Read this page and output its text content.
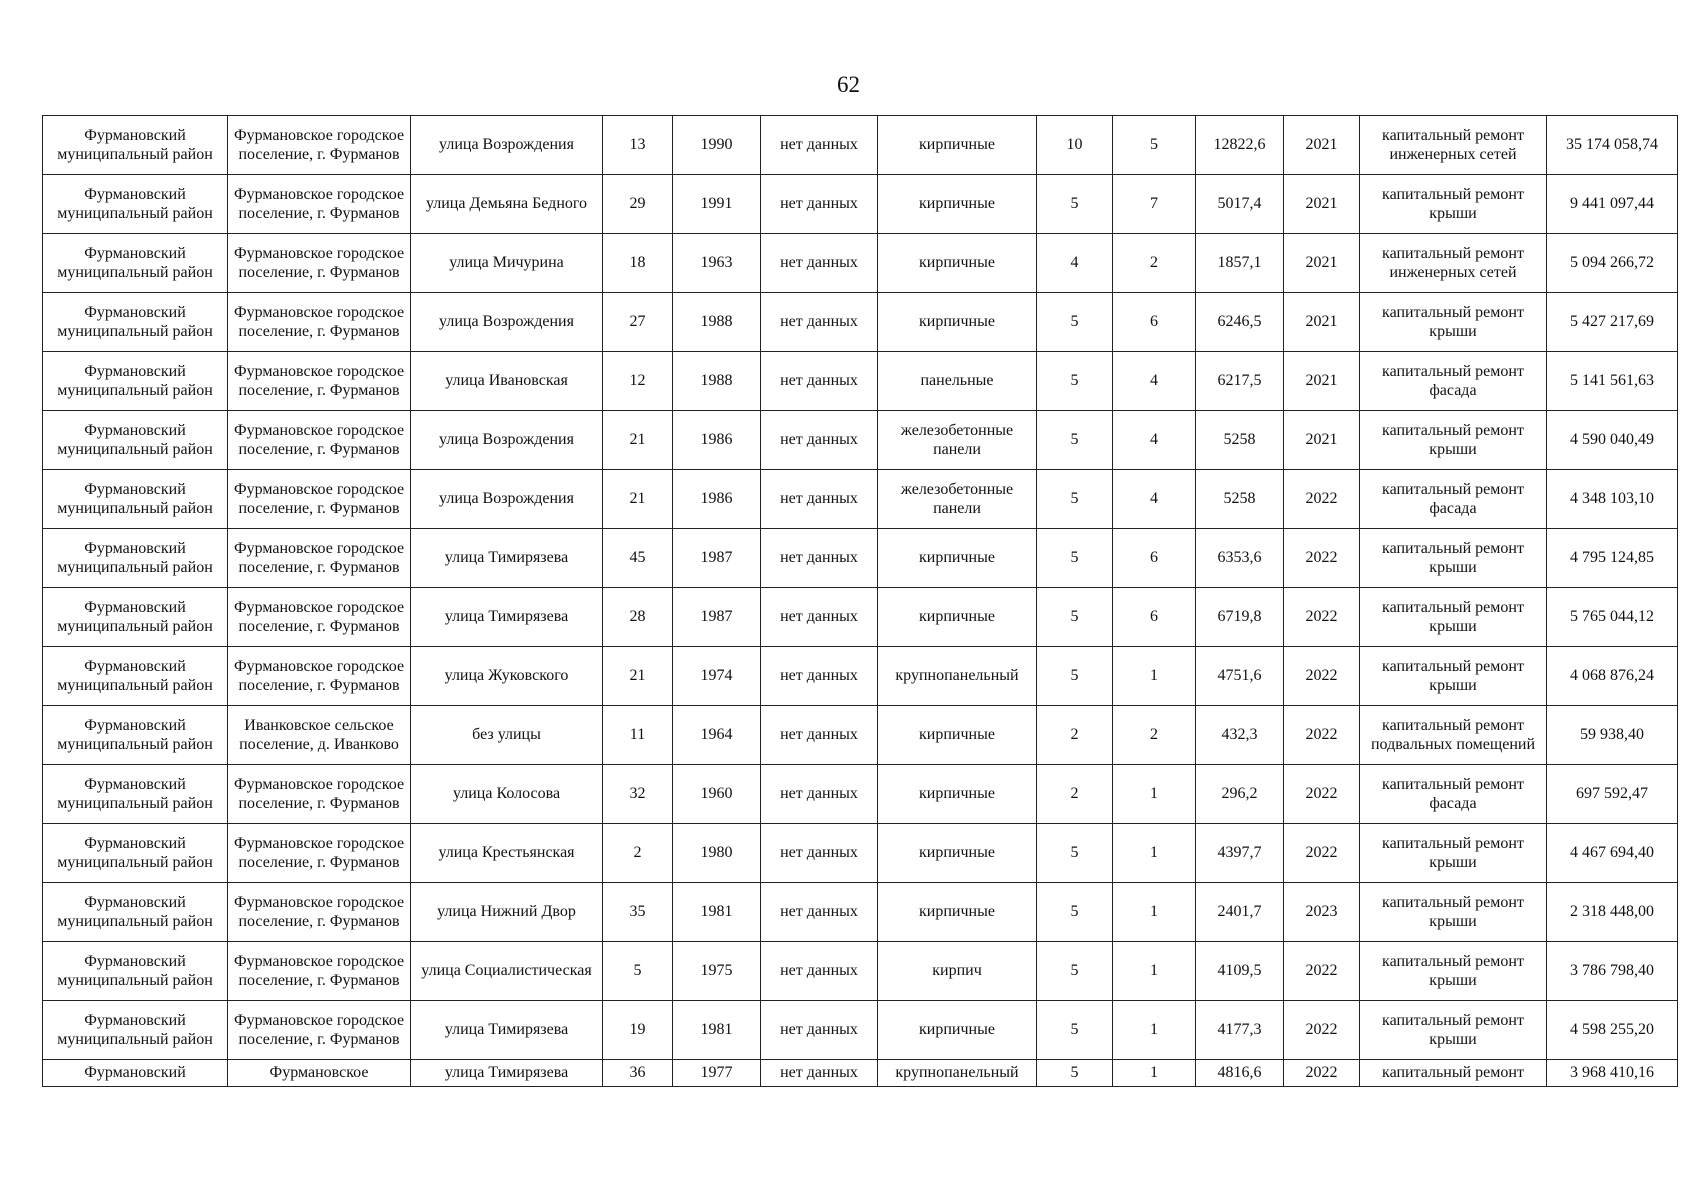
62
Фурмановский муниципальный район	Фурмановское городское поселение, г. Фурманов	улица Возрождения	13	1990	нет данных	кирпичные	10	5	12822,6	2021	капитальный ремонт инженерных сетей	35 174 058,74
Фурмановский муниципальный район	Фурмановское городское поселение, г. Фурманов	улица Демьяна Бедного	29	1991	нет данных	кирпичные	5	7	5017,4	2021	капитальный ремонт крыши	9 441 097,44
Фурмановский муниципальный район	Фурмановское городское поселение, г. Фурманов	улица Мичурина	18	1963	нет данных	кирпичные	4	2	1857,1	2021	капитальный ремонт инженерных сетей	5 094 266,72
Фурмановский муниципальный район	Фурмановское городское поселение, г. Фурманов	улица Возрождения	27	1988	нет данных	кирпичные	5	6	6246,5	2021	капитальный ремонт крыши	5 427 217,69
Фурмановский муниципальный район	Фурмановское городское поселение, г. Фурманов	улица Ивановская	12	1988	нет данных	панельные	5	4	6217,5	2021	капитальный ремонт фасада	5 141 561,63
Фурмановский муниципальный район	Фурмановское городское поселение, г. Фурманов	улица Возрождения	21	1986	нет данных	железобетонные панели	5	4	5258	2021	капитальный ремонт крыши	4 590 040,49
Фурмановский муниципальный район	Фурмановское городское поселение, г. Фурманов	улица Возрождения	21	1986	нет данных	железобетонные панели	5	4	5258	2022	капитальный ремонт фасада	4 348 103,10
Фурмановский муниципальный район	Фурмановское городское поселение, г. Фурманов	улица Тимирязева	45	1987	нет данных	кирпичные	5	6	6353,6	2022	капитальный ремонт крыши	4 795 124,85
Фурмановский муниципальный район	Фурмановское городское поселение, г. Фурманов	улица Тимирязева	28	1987	нет данных	кирпичные	5	6	6719,8	2022	капитальный ремонт крыши	5 765 044,12
Фурмановский муниципальный район	Фурмановское городское поселение, г. Фурманов	улица Жуковского	21	1974	нет данных	крупнопанельный	5	1	4751,6	2022	капитальный ремонт крыши	4 068 876,24
Фурмановский муниципальный район	Иванковское сельское поселение, д. Иванково	без улицы	11	1964	нет данных	кирпичные	2	2	432,3	2022	капитальный ремонт подвальных помещений	59 938,40
Фурмановский муниципальный район	Фурмановское городское поселение, г. Фурманов	улица Колосова	32	1960	нет данных	кирпичные	2	1	296,2	2022	капитальный ремонт фасада	697 592,47
Фурмановский муниципальный район	Фурмановское городское поселение, г. Фурманов	улица Крестьянская	2	1980	нет данных	кирпичные	5	1	4397,7	2022	капитальный ремонт крыши	4 467 694,40
Фурмановский муниципальный район	Фурмановское городское поселение, г. Фурманов	улица Нижний Двор	35	1981	нет данных	кирпичные	5	1	2401,7	2023	капитальный ремонт крыши	2 318 448,00
Фурмановский муниципальный район	Фурмановское городское поселение, г. Фурманов	улица Социалистическая	5	1975	нет данных	кирпич	5	1	4109,5	2022	капитальный ремонт крыши	3 786 798,40
Фурмановский муниципальный район	Фурмановское городское поселение, г. Фурманов	улица Тимирязева	19	1981	нет данных	кирпичные	5	1	4177,3	2022	капитальный ремонт крыши	4 598 255,20
Фурмановский	Фурмановское	улица Тимирязева	36	1977	нет данных	крупнопанельный	5	1	4816,6	2022	капитальный ремонт	3 968 410,16
